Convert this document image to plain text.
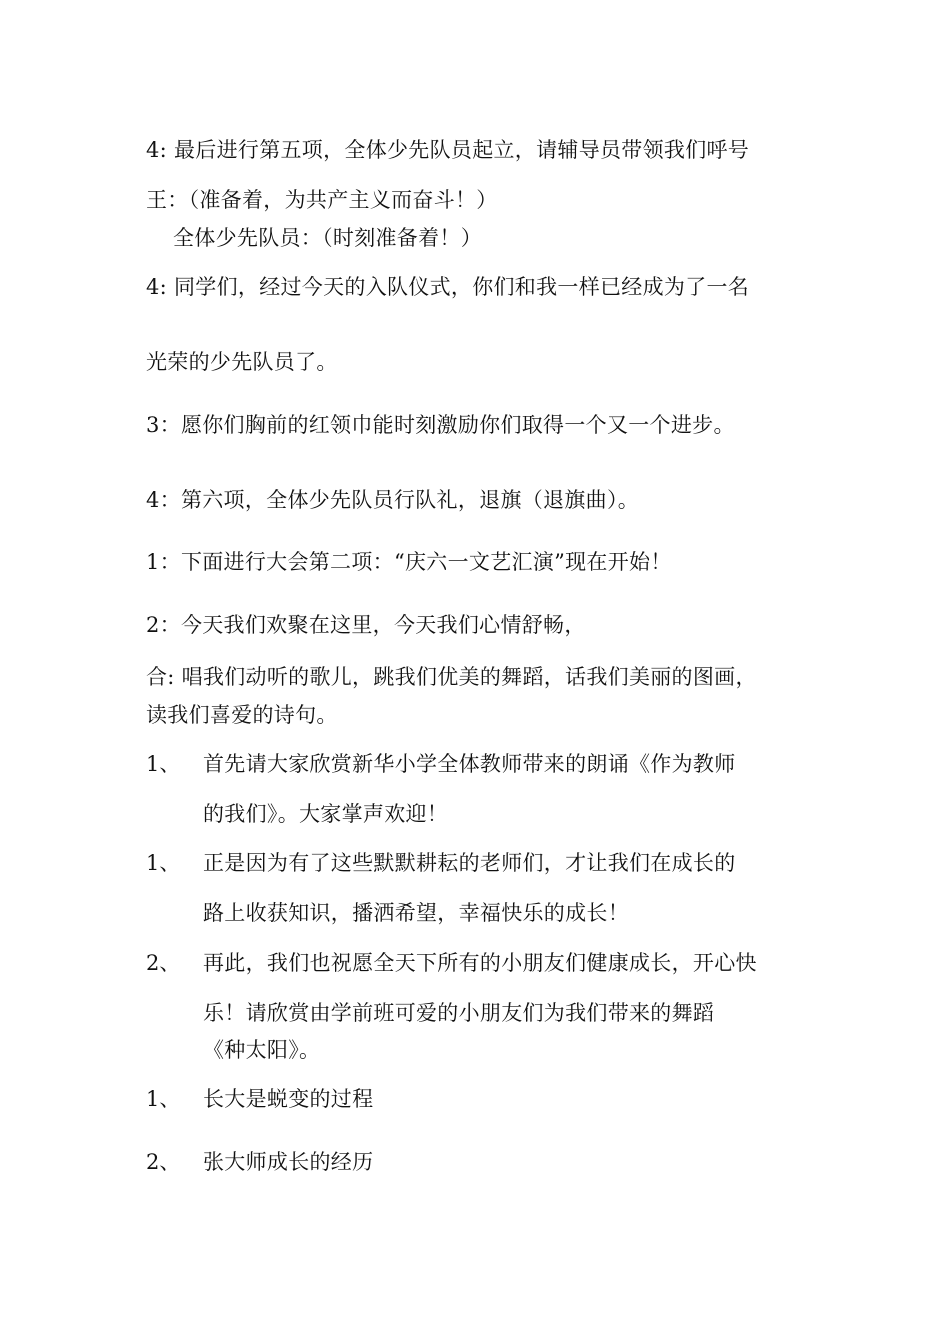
4: 最后进行第五项，全体少先队员起立，请辅导员带领我们呼号
王：（准备着，为共产主义而奋斗！）
全体少先队员：（时刻准备着！）
4: 同学们，经过今天的入队仪式，你们和我一样已经成为了一名
光荣的少先队员了。
3：愿你们胸前的红领巾能时刻激励你们取得一个又一个进步。
4：第六项，全体少先队员行队礼，退旗（退旗曲）。
1：下面进行大会第二项：“庆六一文艺汇演”现在开始！
2：今天我们欢聚在这里，今天我们心情舒畅，
合: 唱我们动听的歌儿，跳我们优美的舞蹈，话我们美丽的图画，
读我们喜爱的诗句。
1、 首先请大家欣赏新华小学全体教师带来的朗诵《作为教师
的我们》。大家掌声欢迎！
1、 正是因为有了这些默默耕耘的老师们，才让我们在成长的
路上收获知识，播洒希望，幸福快乐的成长！
2、 再此，我们也祝愿全天下所有的小朋友们健康成长，开心快
乐！请欣赏由学前班可爱的小朋友们为我们带来的舞蹈
《种太阳》。
1、 长大是蜕变的过程
2、 张大师成长的经历
